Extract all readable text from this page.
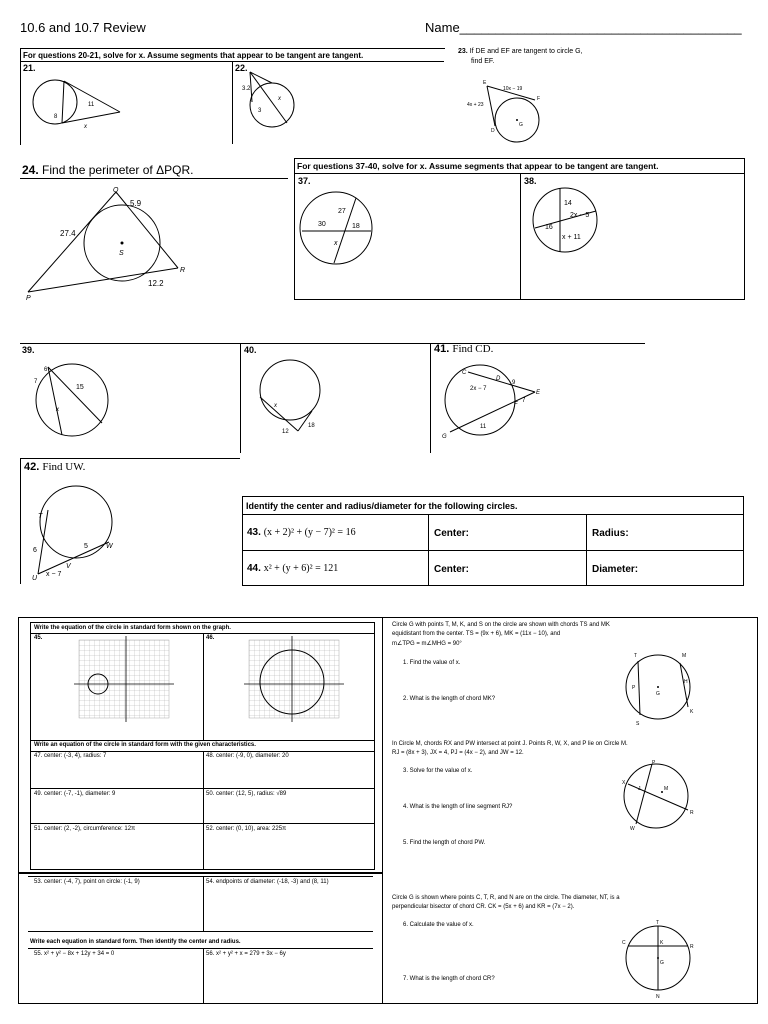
10.6 and 10.7 Review	Name_______________________________________
For questions 20-21, solve for x. Assume segments that appear to be tangent are tangent.
21.	22.
11
8
x
3.2
x
3
23. If DE and EF are tangent to circle G,
find EF.
E
10x − 19
F
4x + 23
G
D
24. Find the perimeter of ΔPQR.
Q
5.9
27.4
S
R
12.2
P
For questions 37-40, solve for x. Assume segments that appear to be tangent are tangent.
37.	38.
27
30	18
x
14
2x − 5
16
x + 11
39.	40.	41. Find CD.
6
7
15
x
x
12
18
C
D
2x − 7
9
E
F
7
G
11
42. Find UW.
T
6
5	W
U
x − 7
V
Identify the center and radius/diameter for the following circles.
43. (x + 2)² + (y − 7)² = 16	Center:	Radius:
44. x² + (y + 6)² = 121	Center:	Diameter:
Write the equation of the circle in standard form shown on the graph.
45.	46.
Write an equation of the circle in standard form with the given characteristics.
47. center: (-3, 4), radius: 7	48. center: (-9, 0), diameter: 20
49. center: (-7, -1), diameter: 9	50. center: (12, 5), radius: √89
51. center: (2, -2), circumference: 12π	52. center: (0, 10), area: 225π
53. center: (-4, 7), point on circle: (-1, 9)	54. endpoints of diameter: (-18, -3) and (8, 11)
Write each equation in standard form. Then identify the center and radius.
55. x² + y² − 8x + 12y + 34 = 0	56. x² + y² + x = 279 + 3x − 6y
Circle G with points T, M, K, and S on the circle are shown with chords TS and MK
equidistant from the center. TS = (9x + 6), MK = (11x − 10), and
m∠TPG = m∠MHG = 90°
1. Find the value of x.
2. What is the length of chord MK?
T	M
P
G
H
S
K
In Circle M, chords RX and PW intersect at point J. Points R, W, X, and P lie on Circle M.
RJ = (8x + 3), JX = 4, PJ = (4x − 2), and JW = 12.
3. Solve for the value of x.
4. What is the length of line segment RJ?
5. Find the length of chord PW.
P
X
J	M
W
R
Circle G is shown where points C, T, R, and N are on the circle. The diameter, NT, is a
perpendicular bisector of chord CR. CK = (5x + 6) and KR = (7x − 2).
6. Calculate the value of x.
7. What is the length of chord CR?
T
C	K
R
G
N
